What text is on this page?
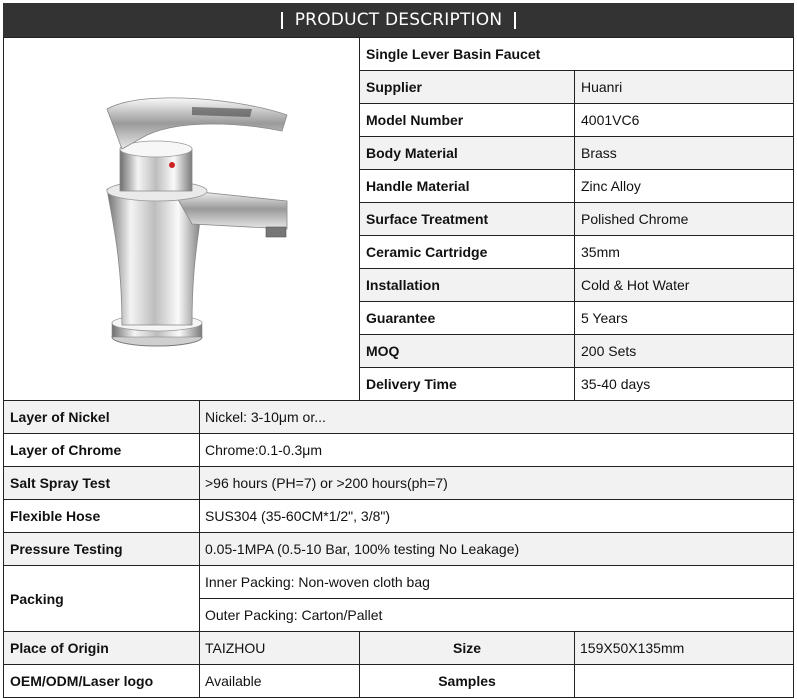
PRODUCT DESCRIPTION
	Single Lever Basin Faucet	
	Supplier	Huanri
	Model Number	4001VC6
	Body Material	Brass
	Handle Material	Zinc Alloy
	Surface Treatment	Polished Chrome
	Ceramic Cartridge	35mm
	Installation	Cold & Hot Water
	Guarantee	5 Years
	MOQ	200 Sets
	Delivery Time	35-40 days
Layer of Nickel	Nickel: 3-10μm or...		
Layer of Chrome	Chrome:0.1-0.3μm		
Salt Spray Test	>96 hours (PH=7) or >200 hours(ph=7)		
Flexible Hose	SUS304 (35-60CM*1/2", 3/8")		
Pressure Testing	0.05-1MPA (0.5-10 Bar, 100% testing No Leakage)		
Packing	Inner Packing: Non-woven cloth bag		
	Outer Packing: Carton/Pallet		
Place of Origin	TAIZHOU	Size	159X50X135mm
OEM/ODM/Laser logo	Available	Samples	
